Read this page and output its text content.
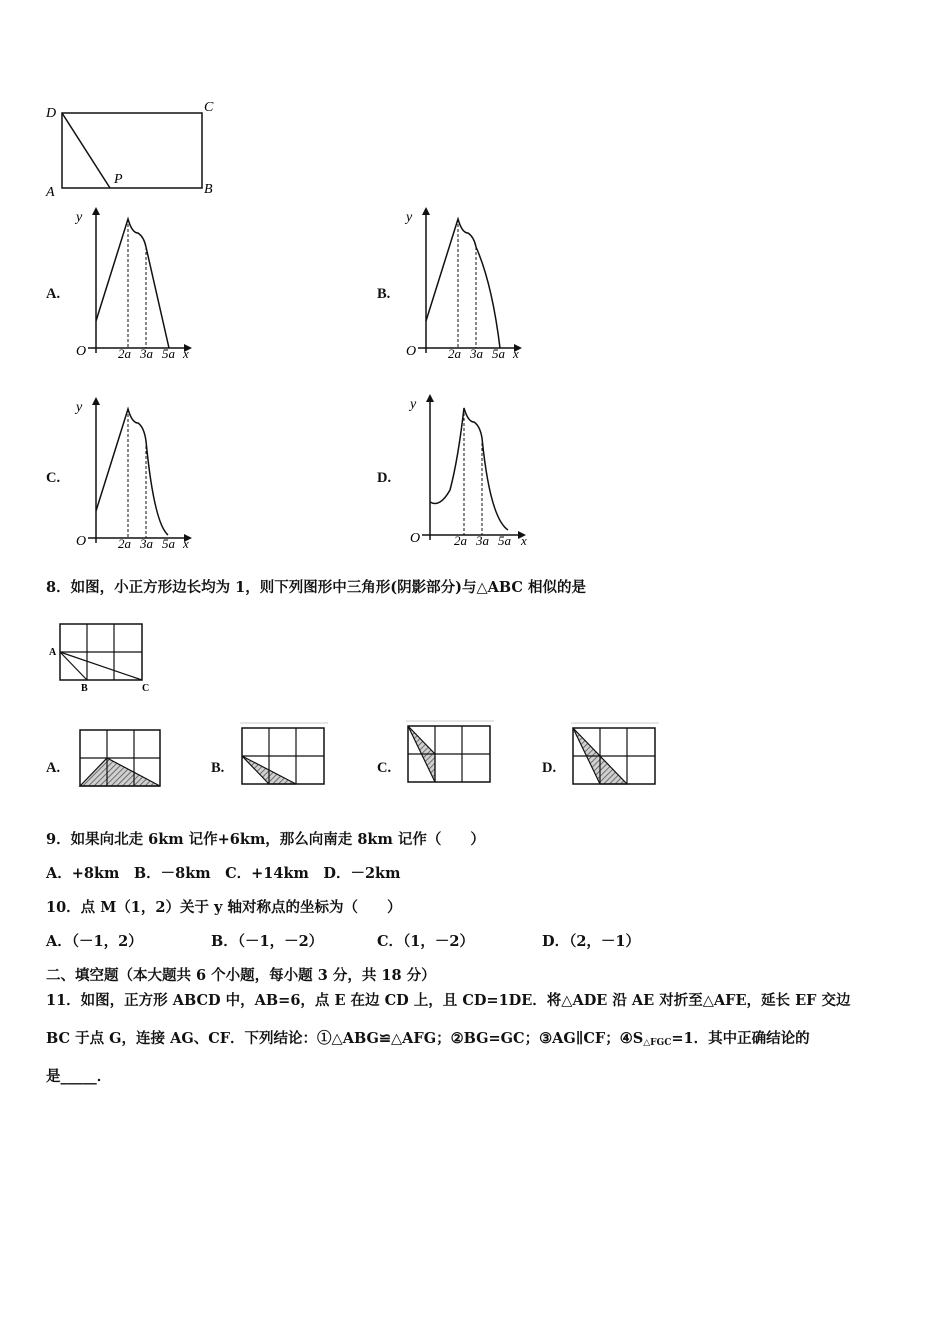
D	C
A	B
P
A.	B.
C.	D.
y
O 2a 3a 5a x
y
O 2a 3a 5a x
y
O 2a 3a 5a x
y
O	2a 3a 5a x
8．如图，小正方形边长均为 1，则下列图形中三角形(阴影部分)与△ABC 相似的是
A
B	C
A.	B.	C.	D.
9．如果向北走 6km 记作+6km，那么向南走 8km 记作（　　）
A．+8km　B．－8km　C．+14km　D．－2km
10．点 M（1，2）关于 y 轴对称点的坐标为（　　）
A．（－1，2）	B．（－1，－2）	C．（1，－2）	D．（2，－1）
二、填空题（本大题共 6 个小题，每小题 3 分，共 18 分）
11．如图，正方形 ABCD 中，AB=6，点 E 在边 CD 上，且 CD=1DE．将△ADE 沿 AE 对折至△AFE，延长 EF 交边
BC 于点 G，连接 AG、CF．下列结论：①△ABG≌△AFG；②BG=GC；③AG∥CF；$④S_{\triangle FGC}=1$．其中正确结论的
是_____．
